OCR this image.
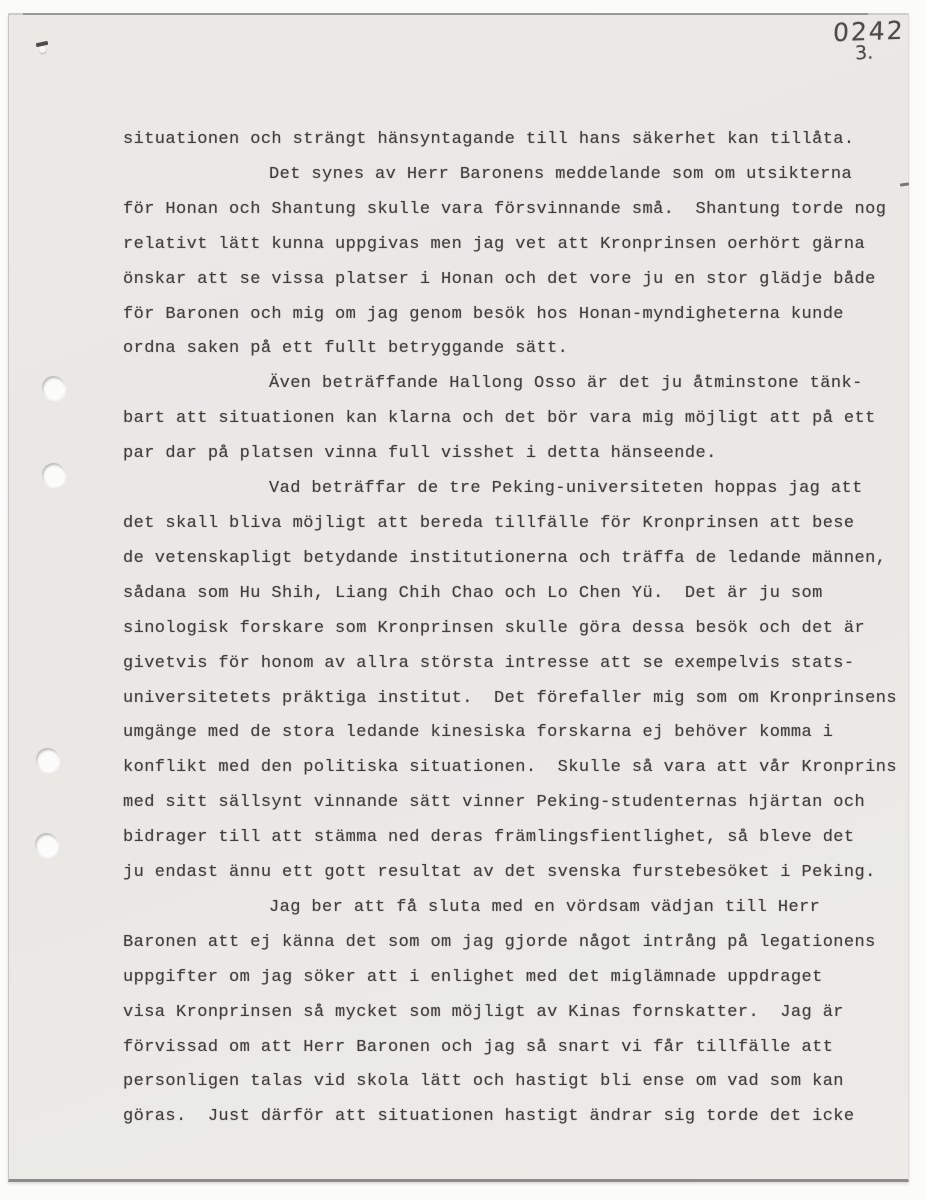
0242
3.
situationen och strängt hänsyntagande till hans säkerhet kan tillåta.
Det synes av Herr Baronens meddelande som om utsikterna
för Honan och Shantung skulle vara försvinnande små.  Shantung torde nog
relativt lätt kunna uppgivas men jag vet att Kronprinsen oerhört gärna
önskar att se vissa platser i Honan och det vore ju en stor glädje både
för Baronen och mig om jag genom besök hos Honan-myndigheterna kunde
ordna saken på ett fullt betryggande sätt.
Även beträffande Hallong Osso är det ju åtminstone tänk-
bart att situationen kan klarna och det bör vara mig möjligt att på ett
par dar på platsen vinna full visshet i detta hänseende.
Vad beträffar de tre Peking-universiteten hoppas jag att
det skall bliva möjligt att bereda tillfälle för Kronprinsen att bese
de vetenskapligt betydande institutionerna och träffa de ledande männen,
sådana som Hu Shih, Liang Chih Chao och Lo Chen Yü.  Det är ju som
sinologisk forskare som Kronprinsen skulle göra dessa besök och det är
givetvis för honom av allra största intresse att se exempelvis stats-
universitetets präktiga institut.  Det förefaller mig som om Kronprinsens
umgänge med de stora ledande kinesiska forskarna ej behöver komma i
konflikt med den politiska situationen.  Skulle så vara att vår Kronprins
med sitt sällsynt vinnande sätt vinner Peking-studenternas hjärtan och
bidrager till att stämma ned deras främlingsfientlighet, så bleve det
ju endast ännu ett gott resultat av det svenska furstebesöket i Peking.
Jag ber att få sluta med en vördsam vädjan till Herr
Baronen att ej känna det som om jag gjorde något intrång på legationens
uppgifter om jag söker att i enlighet med det miglämnade uppdraget
visa Kronprinsen så mycket som möjligt av Kinas fornskatter.  Jag är
förvissad om att Herr Baronen och jag så snart vi får tillfälle att
personligen talas vid skola lätt och hastigt bli ense om vad som kan
göras.  Just därför att situationen hastigt ändrar sig torde det icke
